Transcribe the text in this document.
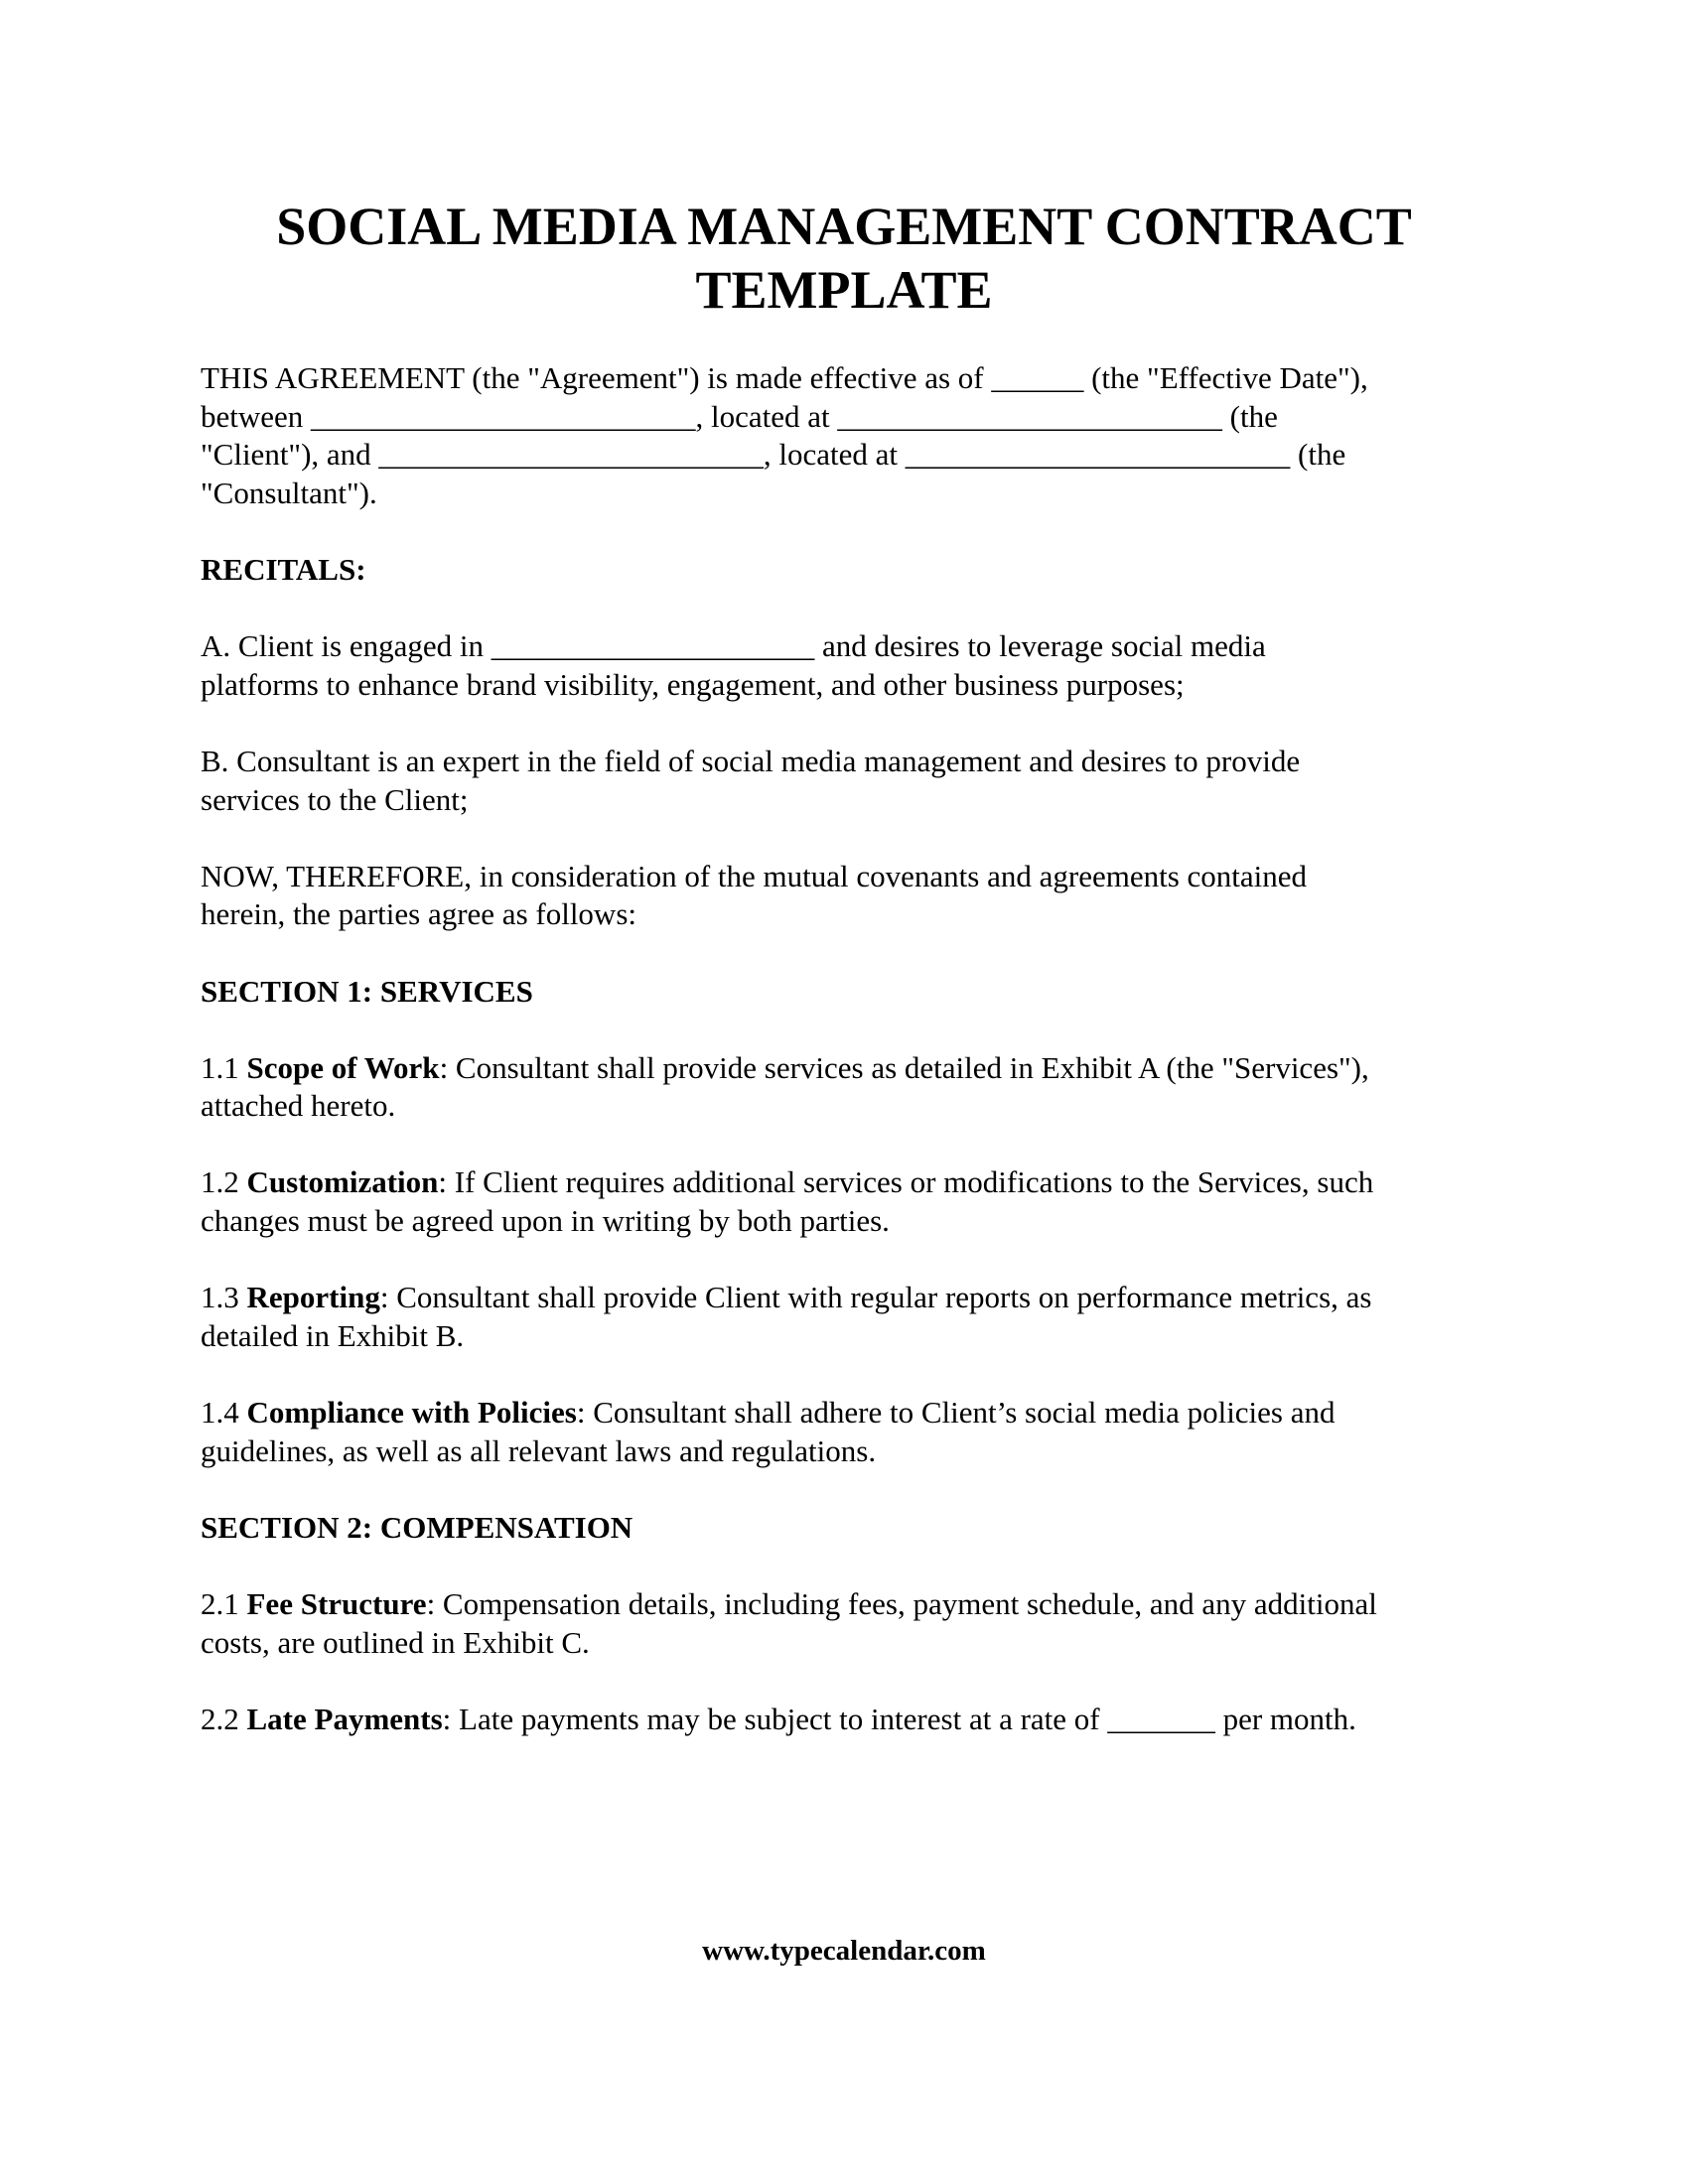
SOCIAL MEDIA MANAGEMENT CONTRACT
TEMPLATE

THIS AGREEMENT (the "Agreement") is made effective as of ______ (the "Effective Date"),
between _________________________, located at _________________________ (the
"Client"), and _________________________, located at _________________________ (the
"Consultant").

RECITALS:

A. Client is engaged in _____________________ and desires to leverage social media
platforms to enhance brand visibility, engagement, and other business purposes;

B. Consultant is an expert in the field of social media management and desires to provide
services to the Client;

NOW, THEREFORE, in consideration of the mutual covenants and agreements contained
herein, the parties agree as follows:

SECTION 1: SERVICES

1.1 Scope of Work: Consultant shall provide services as detailed in Exhibit A (the "Services"),
attached hereto.

1.2 Customization: If Client requires additional services or modifications to the Services, such
changes must be agreed upon in writing by both parties.

1.3 Reporting: Consultant shall provide Client with regular reports on performance metrics, as
detailed in Exhibit B.

1.4 Compliance with Policies: Consultant shall adhere to Client’s social media policies and
guidelines, as well as all relevant laws and regulations.

SECTION 2: COMPENSATION

2.1 Fee Structure: Compensation details, including fees, payment schedule, and any additional
costs, are outlined in Exhibit C.

2.2 Late Payments: Late payments may be subject to interest at a rate of _______ per month.

www.typecalendar.com
